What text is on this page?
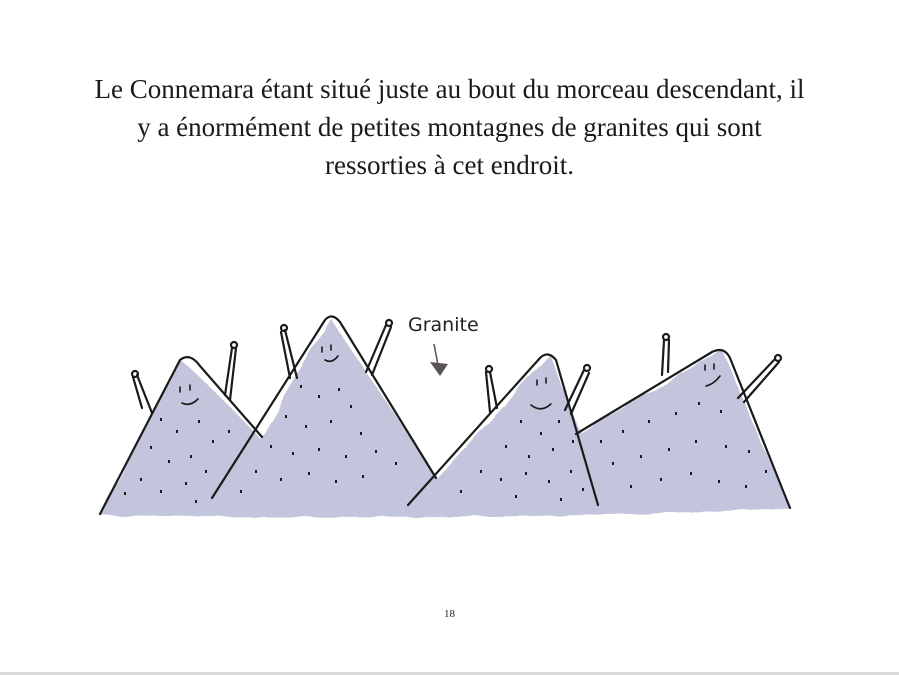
Le Connemara étant situé juste au bout du morceau descendant, il y a énormément de petites montagnes de granites qui sont ressorties à cet endroit.
Granite
18
